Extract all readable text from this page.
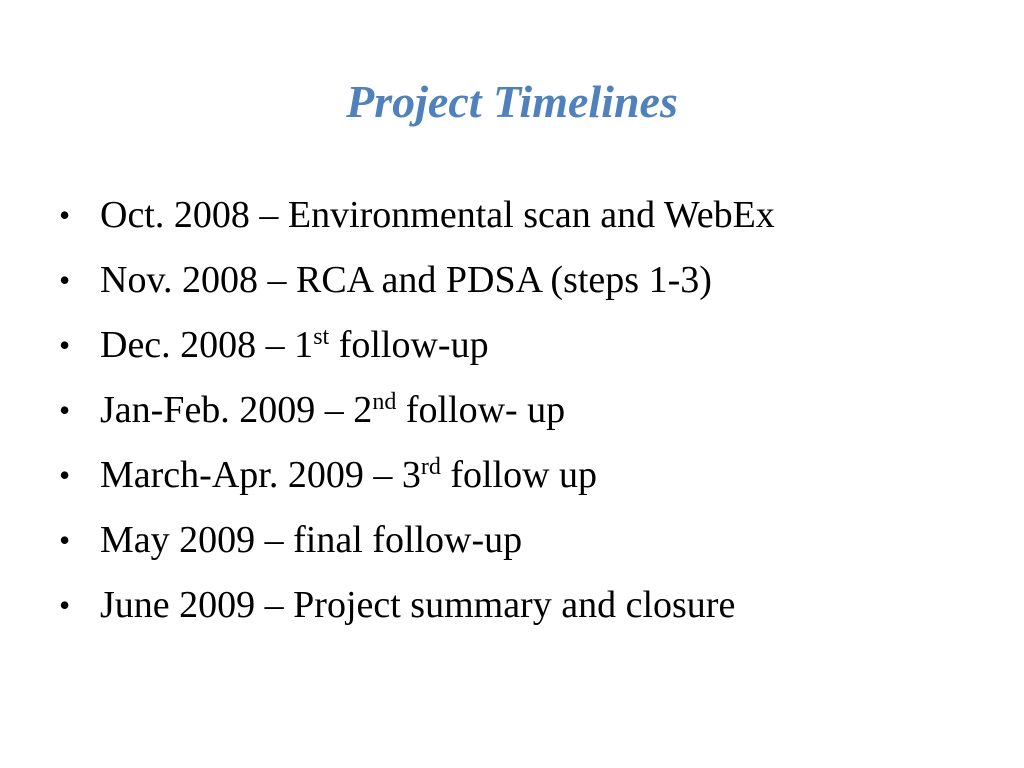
Project Timelines
• Oct. 2008 – Environmental scan and WebEx
• Nov. 2008 – RCA and PDSA (steps 1-3)
• Dec. 2008 – 1st follow-up
• Jan-Feb. 2009 – 2nd follow- up
• March-Apr. 2009 – 3rd follow up
• May 2009 – final follow-up
• June 2009 – Project summary and closure
